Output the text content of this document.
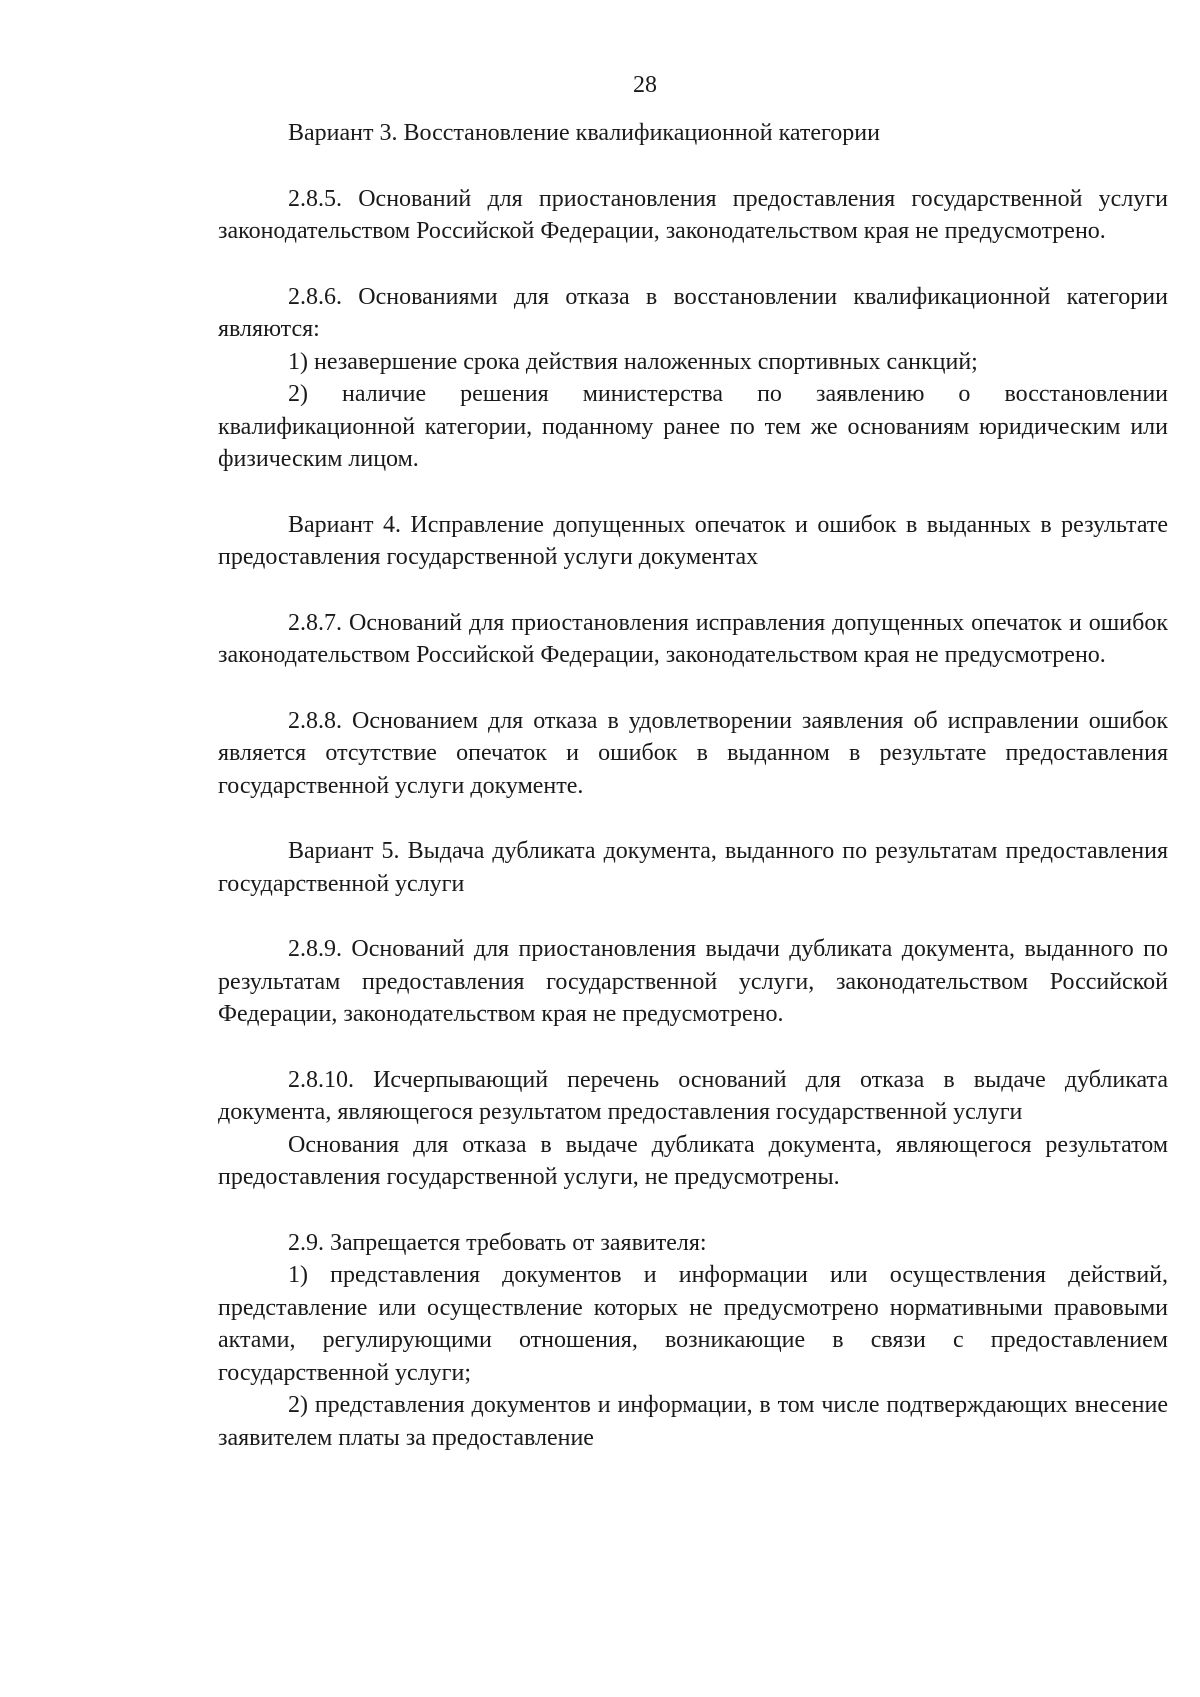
28
Вариант 3. Восстановление квалификационной категории
2.8.5. Оснований для приостановления предоставления государственной услуги законодательством Российской Федерации, законодательством края не предусмотрено.
2.8.6. Основаниями для отказа в восстановлении квалификационной категории являются:
1) незавершение срока действия наложенных спортивных санкций;
2) наличие решения министерства по заявлению о восстановлении квалификационной категории, поданному ранее по тем же основаниям юридическим или физическим лицом.
Вариант 4. Исправление допущенных опечаток и ошибок в выданных в результате предоставления государственной услуги документах
2.8.7. Оснований для приостановления исправления допущенных опечаток и ошибок законодательством Российской Федерации, законодательством края не предусмотрено.
2.8.8. Основанием для отказа в удовлетворении заявления об исправлении ошибок является отсутствие опечаток и ошибок в выданном в результате предоставления государственной услуги документе.
Вариант 5. Выдача дубликата документа, выданного по результатам предоставления государственной услуги
2.8.9. Оснований для приостановления выдачи дубликата документа, выданного по результатам предоставления государственной услуги, законодательством Российской Федерации, законодательством края не предусмотрено.
2.8.10. Исчерпывающий перечень оснований для отказа в выдаче дубликата документа, являющегося результатом предоставления государственной услуги
Основания для отказа в выдаче дубликата документа, являющегося результатом предоставления государственной услуги, не предусмотрены.
2.9. Запрещается требовать от заявителя:
1) представления документов и информации или осуществления действий, представление или осуществление которых не предусмотрено нормативными правовыми актами, регулирующими отношения, возникающие в связи с предоставлением государственной услуги;
2) представления документов и информации, в том числе подтверждающих внесение заявителем платы за предоставление
